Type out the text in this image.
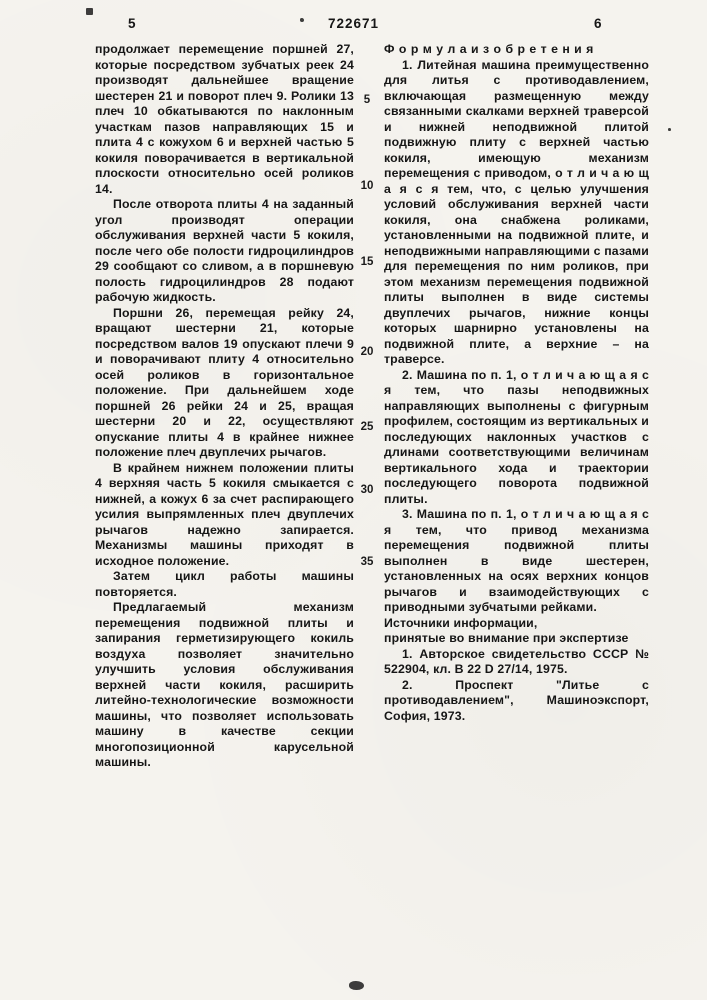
5	722671	6
5
10
15
20
25
30
35

продолжает перемещение поршней 27, которые посредством зубчатых реек 24 производят дальнейшее вращение шестерен 21 и поворот плеч 9. Ролики 13 плеч 10 обкатываются по наклонным участкам пазов направляющих 15 и плита 4 с кожухом 6 и верхней частью 5 кокиля поворачивается в вертикальной плоскости относительно осей роликов 14.

После отворота плиты 4 на заданный угол производят операции обслуживания верхней части 5 кокиля, после чего обе полости гидроцилиндров 29 сообщают со сливом, а в поршневую полость гидроцилиндров 28 подают рабочую жидкость.

Поршни 26, перемещая рейку 24, вращают шестерни 21, которые посредством валов 19 опускают плечи 9 и поворачивают плиту 4 относительно осей роликов в горизонтальное положение. При дальнейшем ходе поршней 26 рейки 24 и 25, вращая шестерни 20 и 22, осуществляют опускание плиты 4 в крайнее нижнее положение плеч двуплечих рычагов.

В крайнем нижнем положении плиты 4 верхняя часть 5 кокиля смыкается с нижней, а кожух 6 за счет распирающего усилия выпрямленных плеч двуплечих рычагов надежно запирается. Механизмы машины приходят в исходное положение.

Затем цикл работы машины повторяется.

Предлагаемый механизм перемещения подвижной плиты и запирания герметизирующего кокиль воздуха позволяет значительно улучшить условия обслуживания верхней части кокиля, расширить литейно-технологические возможности машины, что позволяет использовать машину в качестве секции многопозиционной карусельной машины.

Ф о р м у л а и з о б р е т е н и я

1. Литейная машина преимущественно для литья с противодавлением, включающая размещенную между связанными скалками верхней траверсой и нижней неподвижной плитой подвижную плиту с верхней частью кокиля, имеющую механизм перемещения с приводом, о т л и ч а ю щ а я с я тем, что, с целью улучшения условий обслуживания верхней части кокиля, она снабжена роликами, установленными на подвижной плите, и неподвижными направляющими с пазами для перемещения по ним роликов, при этом механизм перемещения подвижной плиты выполнен в виде системы двуплечих рычагов, нижние концы которых шарнирно установлены на подвижной плите, а верхние – на траверсе.

2. Машина по п. 1, о т л и ч а ю щ а я с я тем, что пазы неподвижных направляющих выполнены с фигурным профилем, состоящим из вертикальных и последующих наклонных участков с длинами соответствующими величинам вертикального хода и траектории последующего поворота подвижной плиты.

3. Машина по п. 1, о т л и ч а ю щ а я с я тем, что привод механизма перемещения подвижной плиты выполнен в виде шестерен, установленных на осях верхних концов рычагов и взаимодействующих с приводными зубчатыми рейками.

Источники информации,

принятые во внимание при экспертизе

1. Авторское свидетельство СССР № 522904, кл. B 22 D 27/14, 1975.

2. Проспект "Литье с противодавлением", Машиноэкспорт, София, 1973.
